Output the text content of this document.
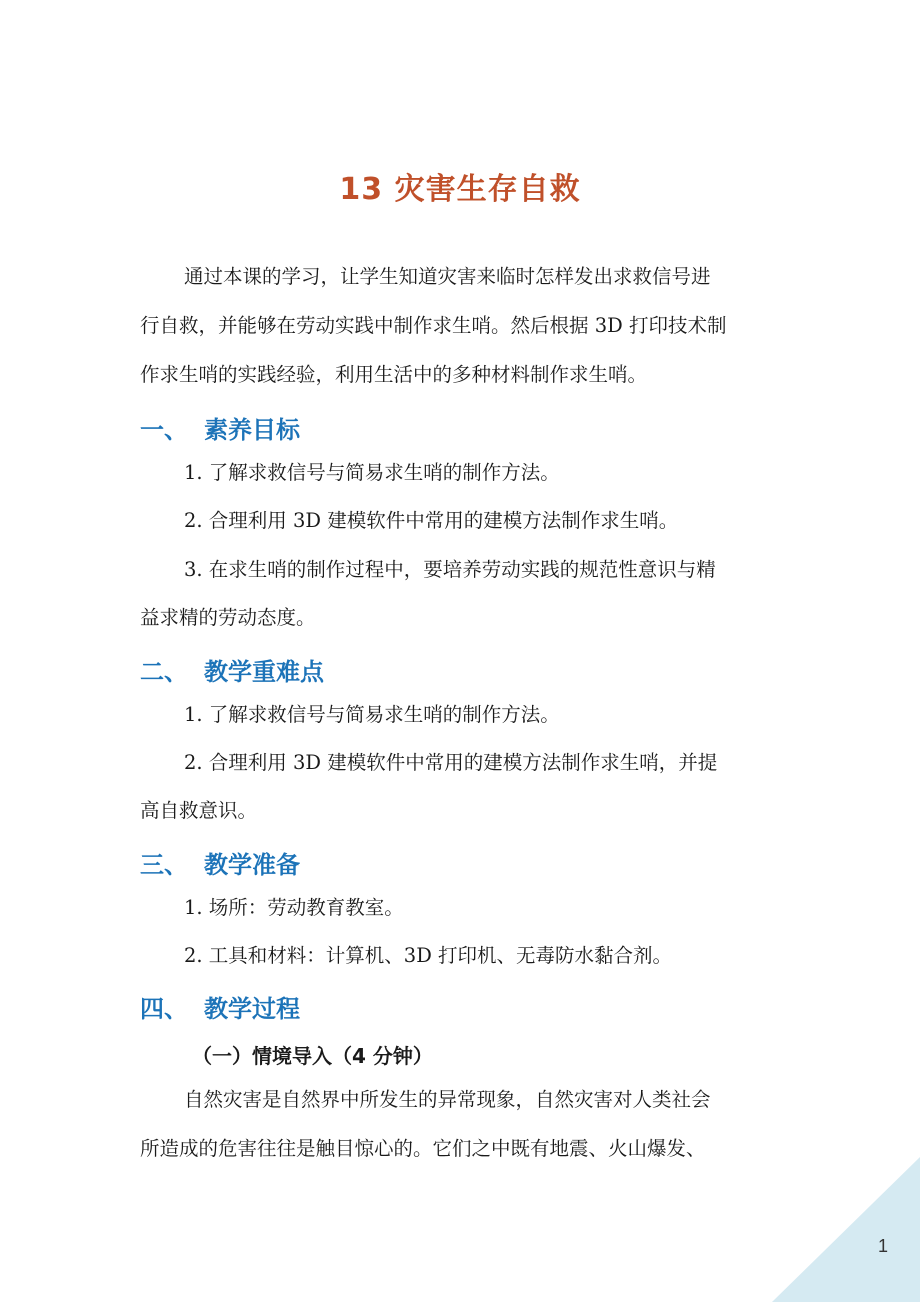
13 灾害生存自救
通过本课的学习，让学生知道灾害来临时怎样发出求救信号进
行自救，并能够在劳动实践中制作求生哨。然后根据 3D 打印技术制
作求生哨的实践经验，利用生活中的多种材料制作求生哨。
一、 素养目标
1. 了解求救信号与简易求生哨的制作方法。
2. 合理利用 3D 建模软件中常用的建模方法制作求生哨。
3. 在求生哨的制作过程中，要培养劳动实践的规范性意识与精
益求精的劳动态度。
二、 教学重难点
1. 了解求救信号与简易求生哨的制作方法。
2. 合理利用 3D 建模软件中常用的建模方法制作求生哨，并提
高自救意识。
三、 教学准备
1. 场所：劳动教育教室。
2. 工具和材料：计算机、3D 打印机、无毒防水黏合剂。
四、 教学过程
（一）情境导入（4 分钟）
自然灾害是自然界中所发生的异常现象，自然灾害对人类社会
所造成的危害往往是触目惊心的。它们之中既有地震、火山爆发、
1
